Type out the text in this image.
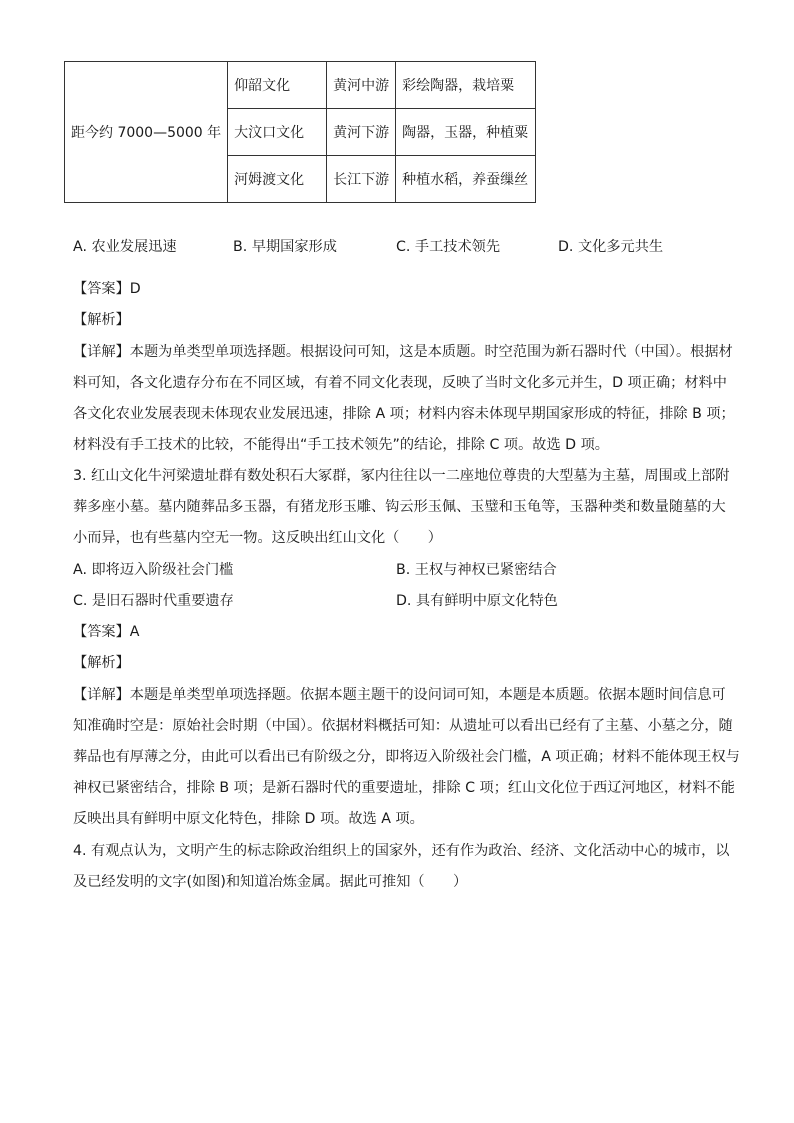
距今约 7000—5000 年	仰韶文化	黄河中游	彩绘陶器，栽培粟
	大汶口文化	黄河下游	陶器，玉器，种植粟
	河姆渡文化	长江下游	种植水稻，养蚕缫丝
A. 农业发展迅速	B. 早期国家形成	C. 手工技术领先	D. 文化多元共生
【答案】D
【解析】
【详解】本题为单类型单项选择题。根据设问可知，这是本质题。时空范围为新石器时代（中国）。根据材
料可知，各文化遗存分布在不同区域，有着不同文化表现，反映了当时文化多元并生，D 项正确；材料中
各文化农业发展表现未体现农业发展迅速，排除 A 项；材料内容未体现早期国家形成的特征，排除 B 项；
材料没有手工技术的比较，不能得出“手工技术领先”的结论，排除 C 项。故选 D 项。
3. 红山文化牛河梁遗址群有数处积石大冢群，冢内往往以一二座地位尊贵的大型墓为主墓，周围或上部附
葬多座小墓。墓内随葬品多玉器，有猪龙形玉雕、钩云形玉佩、玉璧和玉龟等，玉器种类和数量随墓的大
小而异，也有些墓内空无一物。这反映出红山文化（　　）
A. 即将迈入阶级社会门槛	B. 王权与神权已紧密结合
C. 是旧石器时代重要遗存	D. 具有鲜明中原文化特色
【答案】A
【解析】
【详解】本题是单类型单项选择题。依据本题主题干的设问词可知，本题是本质题。依据本题时间信息可
知准确时空是：原始社会时期（中国）。依据材料概括可知：从遗址可以看出已经有了主墓、小墓之分，随
葬品也有厚薄之分，由此可以看出已有阶级之分，即将迈入阶级社会门槛，A 项正确；材料不能体现王权与
神权已紧密结合，排除 B 项；是新石器时代的重要遗址，排除 C 项；红山文化位于西辽河地区，材料不能
反映出具有鲜明中原文化特色，排除 D 项。故选 A 项。
4. 有观点认为，文明产生的标志除政治组织上的国家外，还有作为政治、经济、文化活动中心的城市，以
及已经发明的文字(如图)和知道冶炼金属。据此可推知（　　）
